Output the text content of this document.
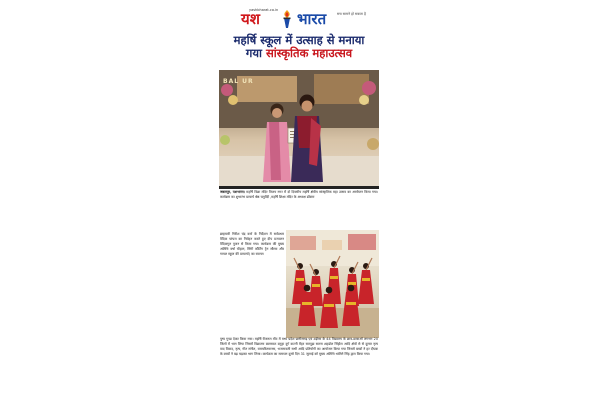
yashbharat.co.in
सच सामने हो सकता है
यश भारत
महर्षि स्कूल में उत्साह से मनाया
गया सांस्कृतिक महाउत्सव
BAL UR
जबलपुर, यशभारत। महर्षि विद्या मंदिर विजय नगर में दो दिवसीय महर्षि क्षेत्रीय सांस्कृतिक महा उत्सव का आयोजन किया गया। कार्यक्रम का शुभारंभ प्राचार्य श्रेष्ठ चतुर्वेदी ,महर्षि शिक्षा मंदिर के अध्यक्ष डॉक्टर
ब्रम्हचारी गिरीश चंद्र वर्मा के निर्देशन में सर्वप्रथम वैदिक परंपरा का निर्वहन करते हुए दीप प्रज्वलन वैदिकगुरु पूजन से किया गया। कार्यक्रम की मुख्य अतिथि वर्षा चौहान, सिंगी कौर्टिंग ट्रेन सौम्या और गायल स्कूल की प्राचार्या) का स्वागत
पुष्प गुच्छ देकर किया गया। महर्षि रीजनल मीट में मध्य प्रदेश छत्तीसगढ़ एवं उड़ीसा के 44 विद्यालय के छात्र-छात्राओं लगभग 20 जिलों में भाग लिया जिसमें विद्यालय बालाघाट दमुहा दुर्ग कटनी मैहर सतपुड़ा सतना शहडोल सिंहोरा आदि क्षेत्रों से से दूरस्त नृत्य वाद विवाद, नृत्य, गीत संगीत, रामचरितमानस, भजनावली सभी आदि प्रतियोगी का आयोजन किया गया जिसमें बच्चों ने हर दीपक के बच्चों ने बढ़ चढ़कर भाग लिया। कार्यक्रम का समापन दूसरे दिन 31 जुलाई को मुख्य अतिथि थामिने सिंह द्वारा किया गया।
